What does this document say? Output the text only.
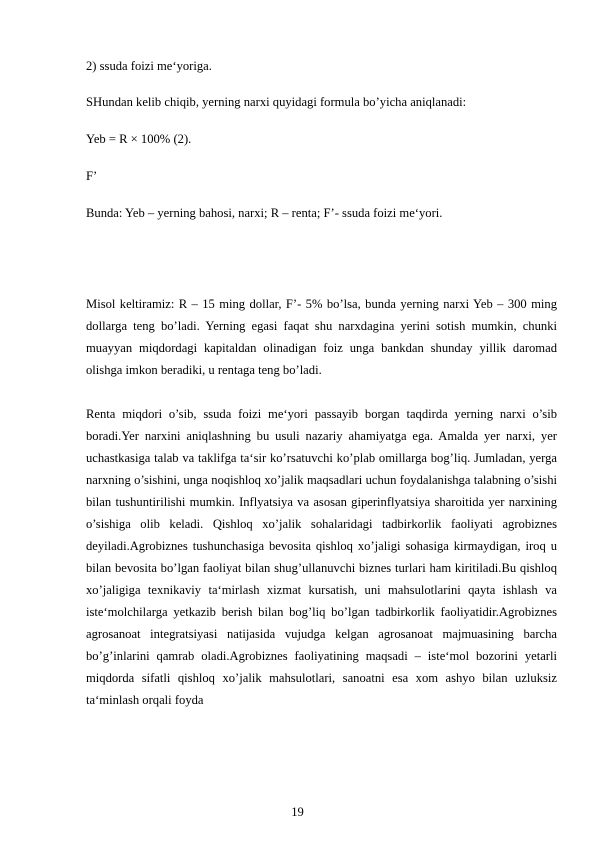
2) ssuda foizi me‘yoriga.
SHundan kelib chiqib, yerning narxi quyidagi formula bo’yicha aniqlanadi:
Yeb = R × 100% (2).
F’
Bunda: Yeb – yerning bahosi, narxi; R – renta; F’- ssuda foizi me‘yori.

Misol keltiramiz: R – 15 ming dollar, F’- 5% bo’lsa, bunda yerning narxi Yeb – 300 ming dollarga teng bo’ladi. Yerning egasi faqat shu narxdagina yerini sotish mumkin, chunki muayyan miqdordagi kapitaldan olinadigan foiz unga bankdan shunday yillik daromad olishga imkon beradiki, u rentaga teng bo’ladi.

Renta miqdori o’sib, ssuda foizi me‘yori passayib borgan taqdirda yerning narxi o’sib boradi.Yer narxini aniqlashning bu usuli nazariy ahamiyatga ega. Amalda yer narxi, yer uchastkasiga talab va taklifga ta‘sir ko’rsatuvchi ko’plab omillarga bog’liq. Jumladan, yerga narxning o’sishini, unga noqishloq xo’jalik maqsadlari uchun foydalanishga talabning o’sishi bilan tushuntirilishi mumkin. Inflyatsiya va asosan giperinflyatsiya sharoitida yer narxining o’sishiga olib keladi. Qishloq xo’jalik sohalaridagi tadbirkorlik faoliyati agrobiznes deyiladi.Agrobiznes tushunchasiga bevosita qishloq xo’jaligi sohasiga kirmaydigan, iroq u bilan bevosita bo’lgan faoliyat bilan shug’ullanuvchi biznes turlari ham kiritiladi.Bu qishloq xo’jaligiga texnikaviy ta‘mirlash xizmat kursatish, uni mahsulotlarini qayta ishlash va iste‘molchilarga yetkazib berish bilan bog’liq bo’lgan tadbirkorlik faoliyatidir.Agrobiznes agrosanoat integratsiyasi natijasida vujudga kelgan agrosanoat majmuasining barcha bo’g’inlarini qamrab oladi.Agrobiznes faoliyatining maqsadi – iste‘mol bozorini yetarli miqdorda sifatli qishloq xo’jalik mahsulotlari, sanoatni esa xom ashyo bilan uzluksiz ta‘minlash orqali foyda

19
